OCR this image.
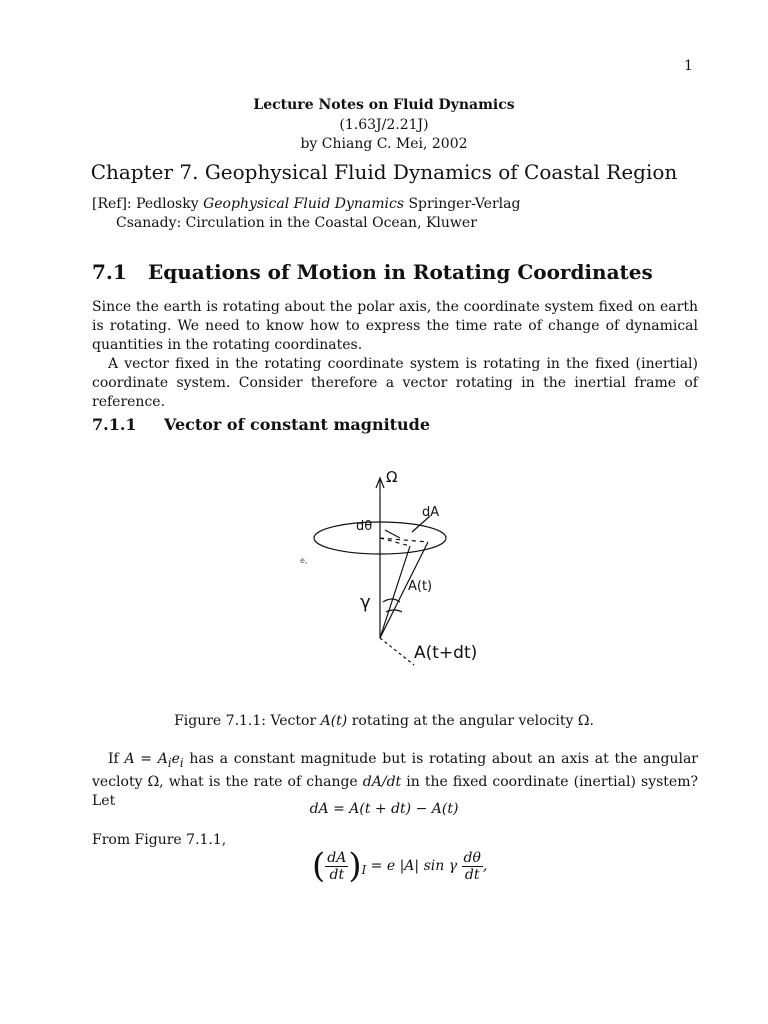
1
Lecture Notes on Fluid Dynamics
(1.63J/2.21J)
by Chiang C. Mei, 2002
Chapter 7. Geophysical Fluid Dynamics of Coastal Region
[Ref]: Pedlosky Geophysical Fluid Dynamics Springer-Verlag
Csanady: Circulation in the Coastal Ocean, Kluwer
7.1 Equations of Motion in Rotating Coordinates
Since the earth is rotating about the polar axis, the coordinate system fixed on earth is rotating. We need to know how to express the time rate of change of dynamical quantities in the rotating coordinates.
A vector fixed in the rotating coordinate system is rotating in the fixed (inertial) coordinate system. Consider therefore a vector rotating in the inertial frame of reference.
7.1.1 Vector of constant magnitude
Ω
dθ
dA
A(t)
γ
A(t+dt)
e,
Figure 7.1.1: Vector A(t) rotating at the angular velocity Ω.
If $A = A_ie_i$ has a constant magnitude but is rotating about an axis at the angular vecloty Ω, what is the rate of change dA/dt in the fixed coordinate (inertial) system? Let
dA = A(t + dt) − A(t)
From Figure 7.1.1,
( $\frac{dA}{dt} )_I = e$ |A| sin γ $\frac{d\theta}{dt}$ ,
